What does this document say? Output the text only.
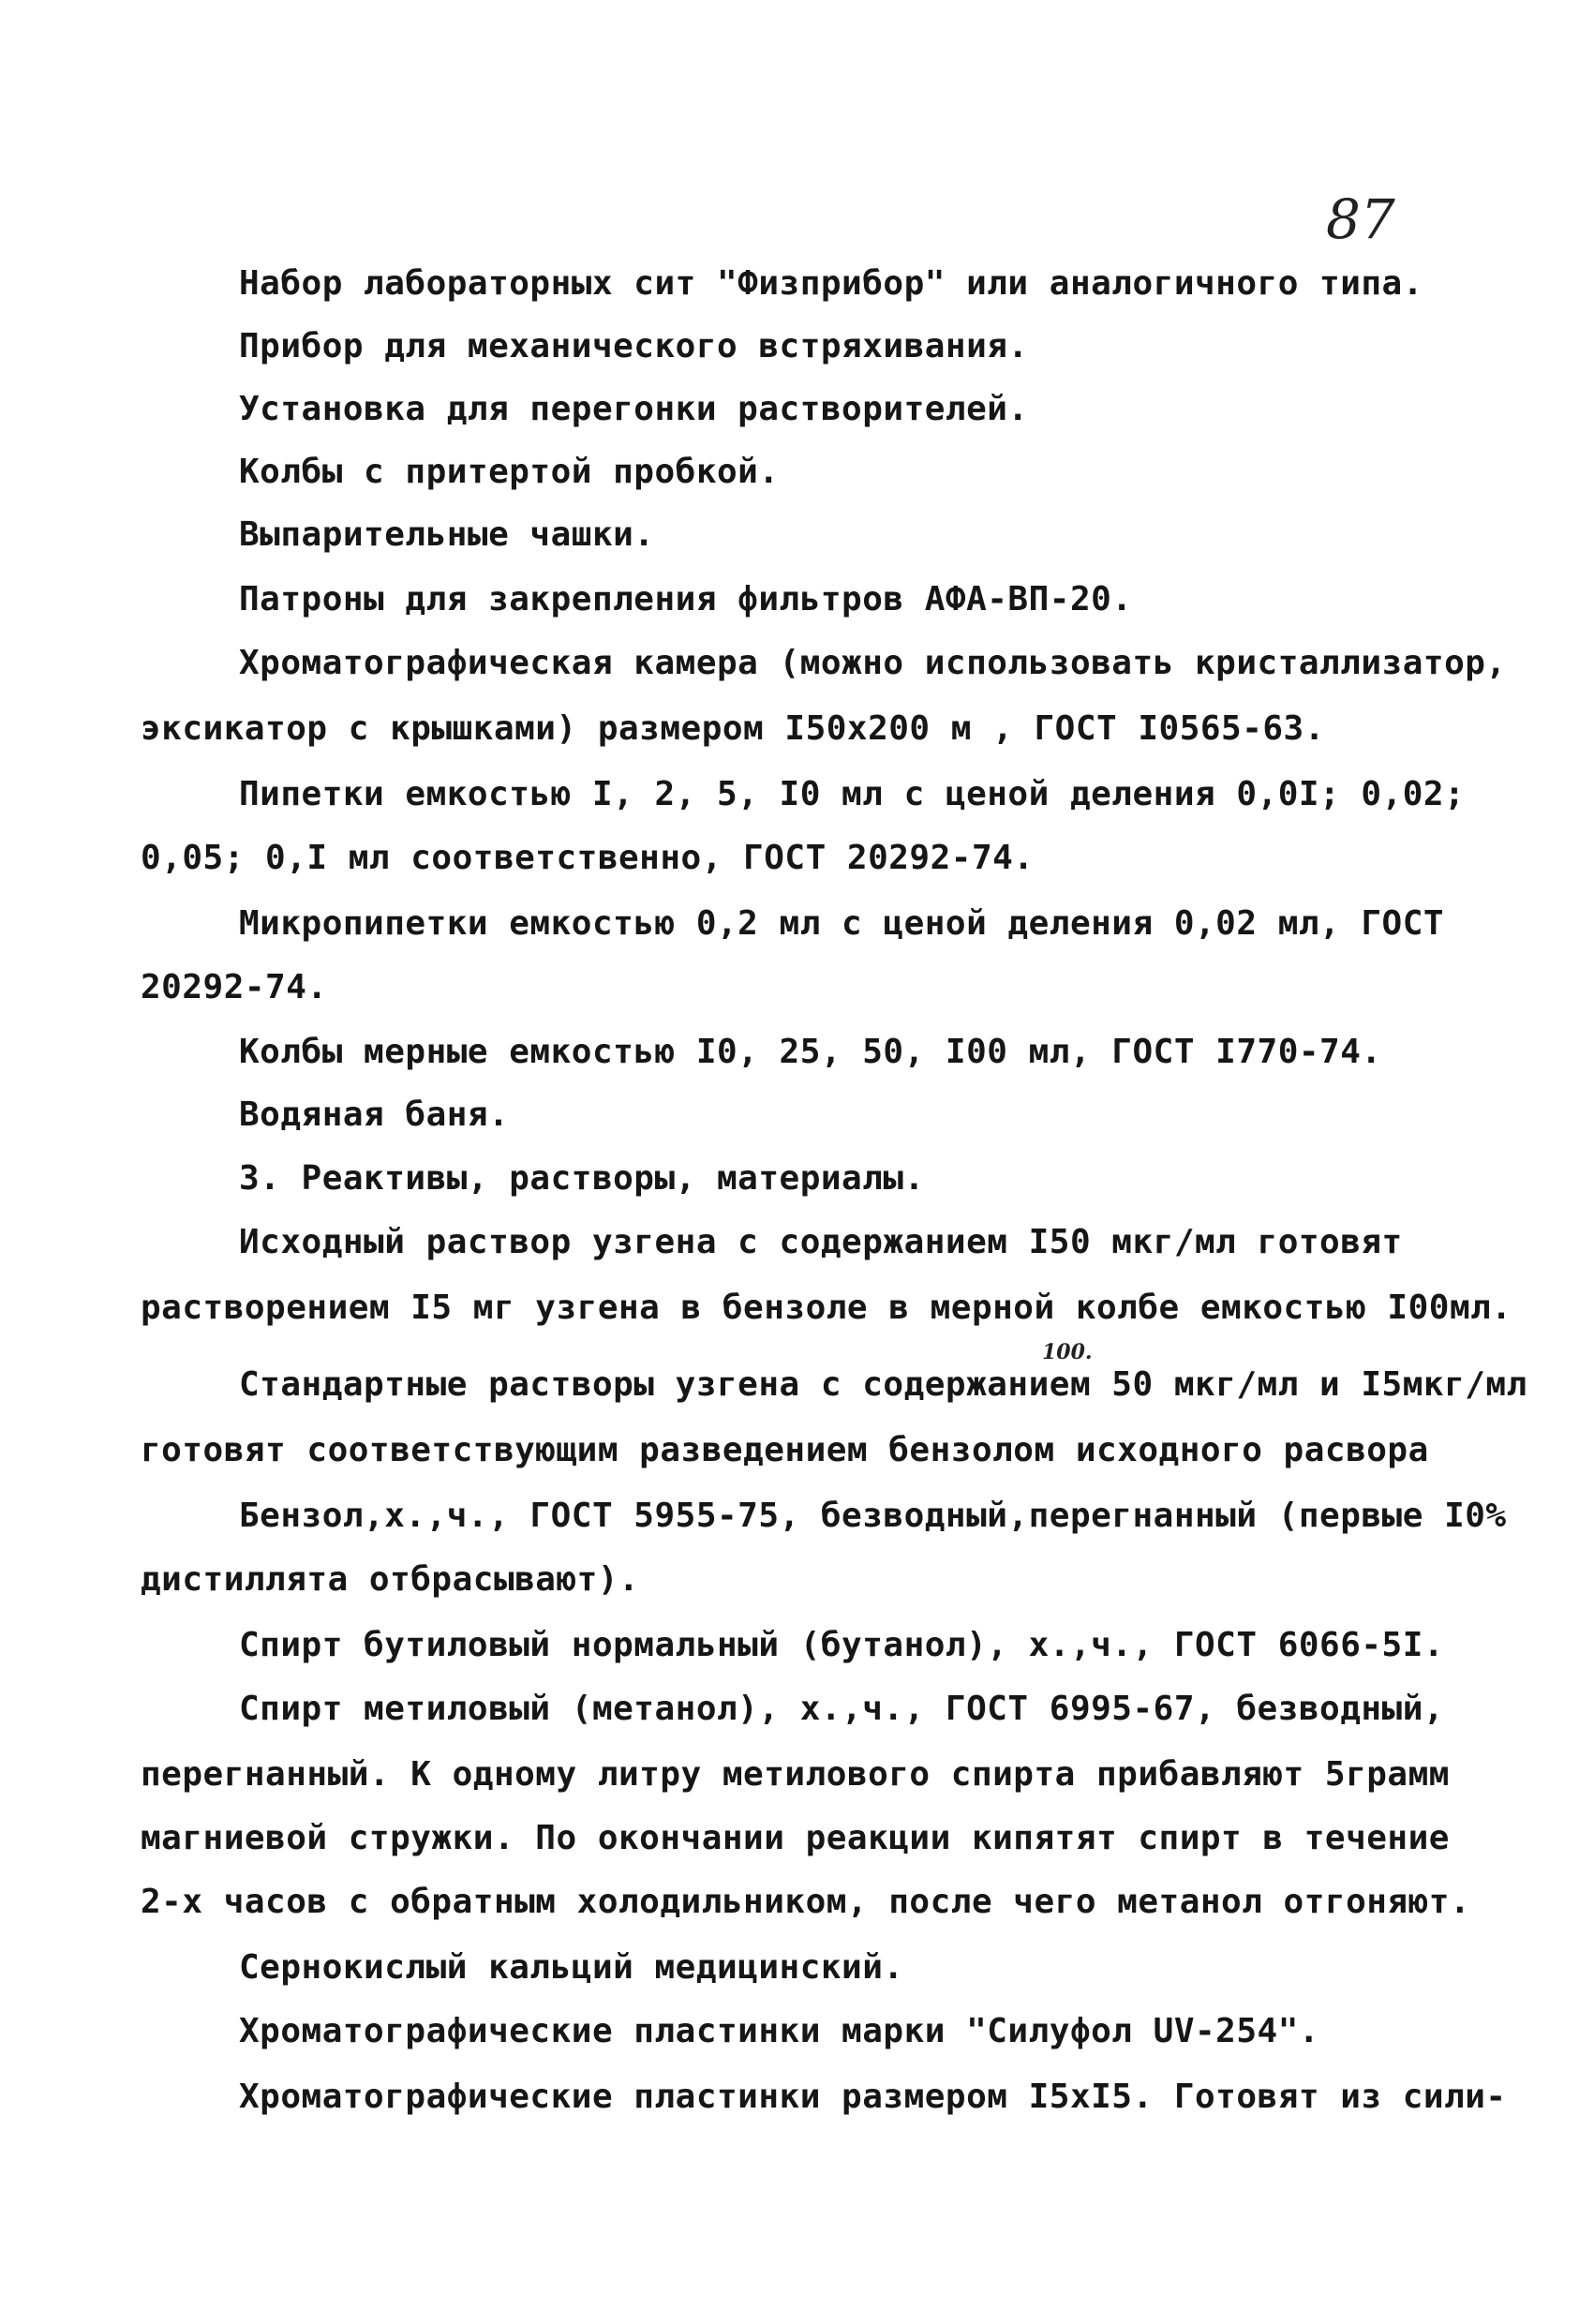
87
Набор лабораторных сит "Физприбор" или аналогичного типа.
Прибор для механического встряхивания.
Установка для перегонки растворителей.
Колбы с притертой пробкой.
Выпарительные чашки.
Патроны для закрепления фильтров АФА-ВП-20.
Хроматографическая камера (можно использовать кристаллизатор,
эксикатор с крышками) размером I50х200 м , ГОСТ I0565-63.
Пипетки емкостью I, 2, 5, I0 мл с ценой деления 0,0I; 0,02;
0,05; 0,I мл соответственно, ГОСТ 20292-74.
Микропипетки емкостью 0,2 мл с ценой деления 0,02 мл, ГОСТ
20292-74.
Колбы мерные емкостью I0, 25, 50, I00 мл, ГОСТ I770-74.
Водяная баня.
3. Реактивы, растворы, материалы.
Исходный раствор узгена с содержанием I50 мкг/мл готовят
растворением I5 мг узгена в бензоле в мерной колбе емкостью I00мл.
100.
Стандартные растворы узгена с содержанием 50 мкг/мл и I5мкг/мл
готовят соответствующим разведением бензолом исходного расвора
Бензол,х.,ч., ГОСТ 5955-75, безводный,перегнанный (первые I0%
дистиллята отбрасывают).
Спирт бутиловый нормальный (бутанол), х.,ч., ГОСТ 6066-5I.
Спирт метиловый (метанол), х.,ч., ГОСТ 6995-67, безводный,
перегнанный. К одному литру метилового спирта прибавляют 5грамм
магниевой стружки. По окончании реакции кипятят спирт в течение
2-х часов с обратным холодильником, после чего метанол отгоняют.
Сернокислый кальций медицинский.
Хроматографические пластинки марки "Силуфол UV-254".
Хроматографические пластинки размером I5хI5. Готовят из сили-
